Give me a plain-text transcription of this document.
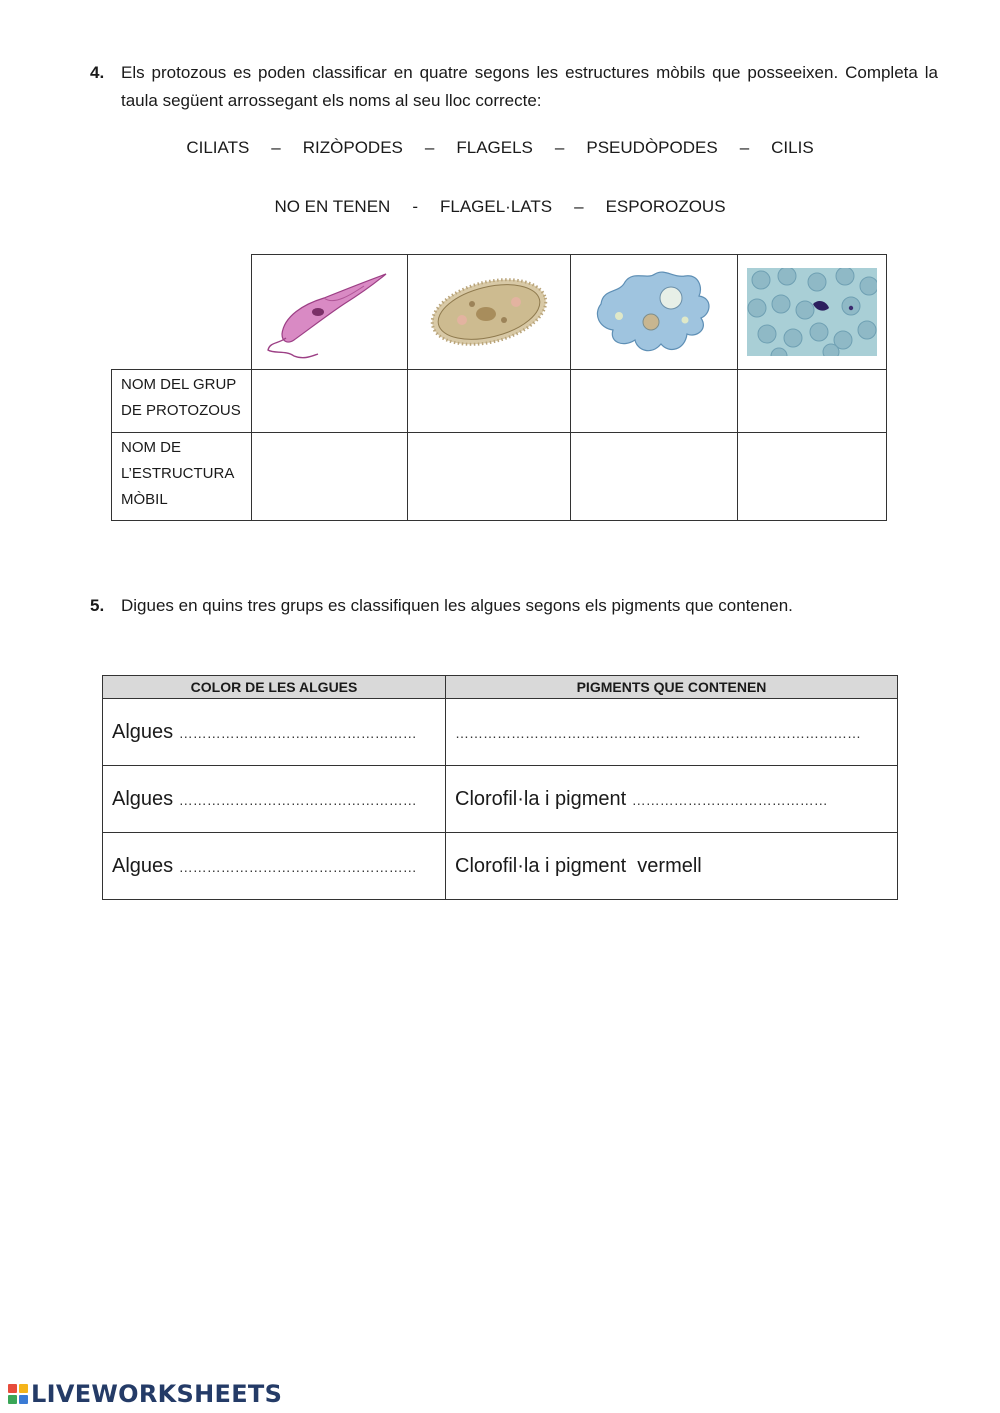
4. Els protozous es poden classificar en quatre segons les estructures mòbils que posseeixen. Completa la taula següent arrossegant els noms al seu lloc correcte:
CILIATS – RIZÒPODES – FLAGELS – PSEUDÒPODES – CILIS
NO EN TENEN - FLAGEL·LATS – ESPOROZOUS

NOM DEL GRUP DE PROTOZOUS				

NOM DE L’ESTRUCTURA MÒBIL				

5. Digues en quins tres grups es classifiquen les algues segons els pigments que contenen.
COLOR DE LES ALGUES	PIGMENTS QUE CONTENEN
Algues ……………………………………………	……………………………………………………………………………
Algues ……………………………………………	Clorofil·la i pigment ……………………………………
Algues ……………………………………………	Clorofil·la i pigment  vermell
LIVEWORKSHEETS
